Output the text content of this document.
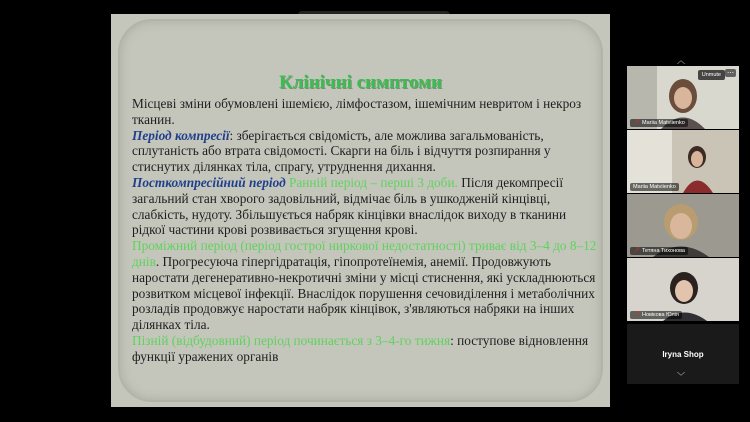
Клінічні симптоми

Місцеві зміни обумовлені ішемією, лімфостазом, ішемічним невритом і некроз тканин.

Період компресії: зберігається свідомість, але можлива загальмованість, сплутаність або втрата свідомості. Скарги на біль і відчуття розпирання у стиснутих ділянках тіла, спрагу, утруднення дихання.

Посткомпресійний період Ранній період – перші 3 доби. Після декомпресії загальний стан хворого задовільний, відмічає біль в ушкодженій кінцівці, слабкість, нудоту. Збільшується набряк кінцівки внаслідок виходу в тканини рідкої частини крові розвивається згущення крові.

Проміжний період (період гострої ниркової недостатності) триває від 3–4 до 8–12 днів. Прогресуюча гіпергідратація, гіпопротеїнемія, анемії. Продовжують наростати дегенеративно-некротичні зміни у місці стиснення, які ускладнюються розвитком місцевої інфекції. Внаслідок порушення сечовиділення і метаболічних розладів продовжує наростати набряк кінцівок, з'являються набряки на інших ділянках тіла.

Пізній (відбудовний) період починається з 3–4-го тижня: поступове відновлення функції уражених органів

︿
Unmute ⋯
🎤︎ Mariia Matviienko
Mariia Matviienko
🎤︎ Тетяна Тихонова
🎤︎ Новікова Юлія
Iryna Shop
﹀
